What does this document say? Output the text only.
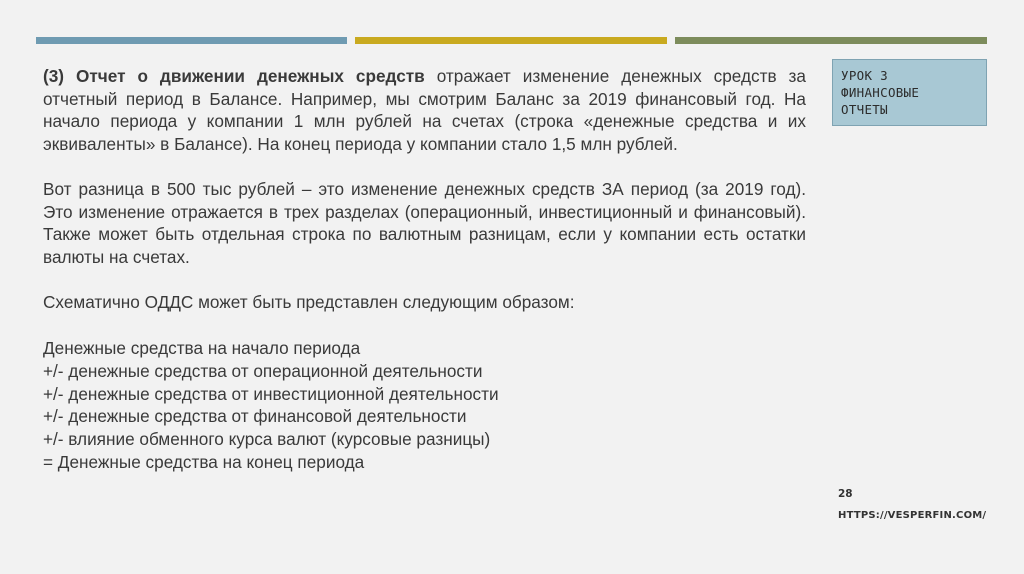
(3) Отчет о движении денежных средств отражает изменение денежных средств за отчетный период в Балансе. Например, мы смотрим Баланс за 2019 финансовый год. На начало периода у компании 1 млн рублей на счетах (строка «денежные средства и их эквиваленты» в Балансе). На конец периода у компании стало 1,5 млн рублей.

Вот разница в 500 тыс рублей – это изменение денежных средств ЗА период (за 2019 год). Это изменение отражается в трех разделах (операционный, инвестиционный и финансовый). Также может быть отдельная строка по валютным разницам, если у компании есть остатки валюты на счетах.

Схематично ОДДС может быть представлен следующим образом:

Денежные средства на начало периода
+/- денежные средства от операционной деятельности
+/- денежные средства от инвестиционной деятельности
+/- денежные средства от финансовой деятельности
+/- влияние обменного курса валют (курсовые разницы)
= Денежные средства на конец периода
УРОК 3
ФИНАНСОВЫЕ
ОТЧЕТЫ
28
HTTPS://VESPERFIN.COM/
